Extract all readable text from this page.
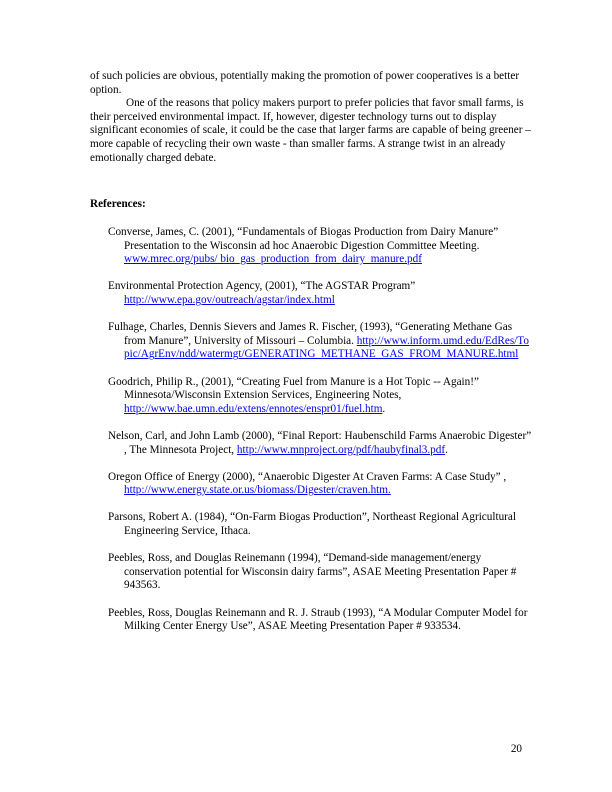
of such policies are obvious, potentially making the promotion of power cooperatives is a better option.

One of the reasons that policy makers purport to prefer policies that favor small farms, is their perceived environmental impact. If, however, digester technology turns out to display significant economies of scale, it could be the case that larger farms are capable of being greener – more capable of recycling their own waste - than smaller farms. A strange twist in an already emotionally charged debate.

References:
Converse, James, C. (2001), “Fundamentals of Biogas Production from Dairy Manure” Presentation to the Wisconsin ad hoc Anaerobic Digestion Committee Meeting. www.mrec.org/pubs/ bio_gas_production_from_dairy_manure.pdf
Environmental Protection Agency, (2001), “The AGSTAR Program” http://www.epa.gov/outreach/agstar/index.html
Fulhage, Charles, Dennis Sievers and James R. Fischer, (1993), “Generating Methane Gas from Manure”, University of Missouri – Columbia. http://www.inform.umd.edu/EdRes/Topic/AgrEnv/ndd/watermgt/GENERATING_METHANE_GAS_FROM_MANURE.html
Goodrich, Philip R., (2001), “Creating Fuel from Manure is a Hot Topic -- Again!” Minnesota/Wisconsin Extension Services, Engineering Notes, http://www.bae.umn.edu/extens/ennotes/enspr01/fuel.htm.
Nelson, Carl, and John Lamb (2000), “Final Report: Haubenschild Farms Anaerobic Digester” , The Minnesota Project, http://www.mnproject.org/pdf/haubyfinal3.pdf.
Oregon Office of Energy (2000), “Anaerobic Digester At Craven Farms: A Case Study” , http://www.energy.state.or.us/biomass/Digester/craven.htm.
Parsons, Robert A. (1984), “On-Farm Biogas Production”, Northeast Regional Agricultural Engineering Service, Ithaca.
Peebles, Ross, and Douglas Reinemann (1994), “Demand-side management/energy conservation potential for Wisconsin dairy farms”, ASAE Meeting Presentation Paper # 943563.
Peebles, Ross, Douglas Reinemann and R. J. Straub (1993), “A Modular Computer Model for Milking Center Energy Use”, ASAE Meeting Presentation Paper # 933534.
20
